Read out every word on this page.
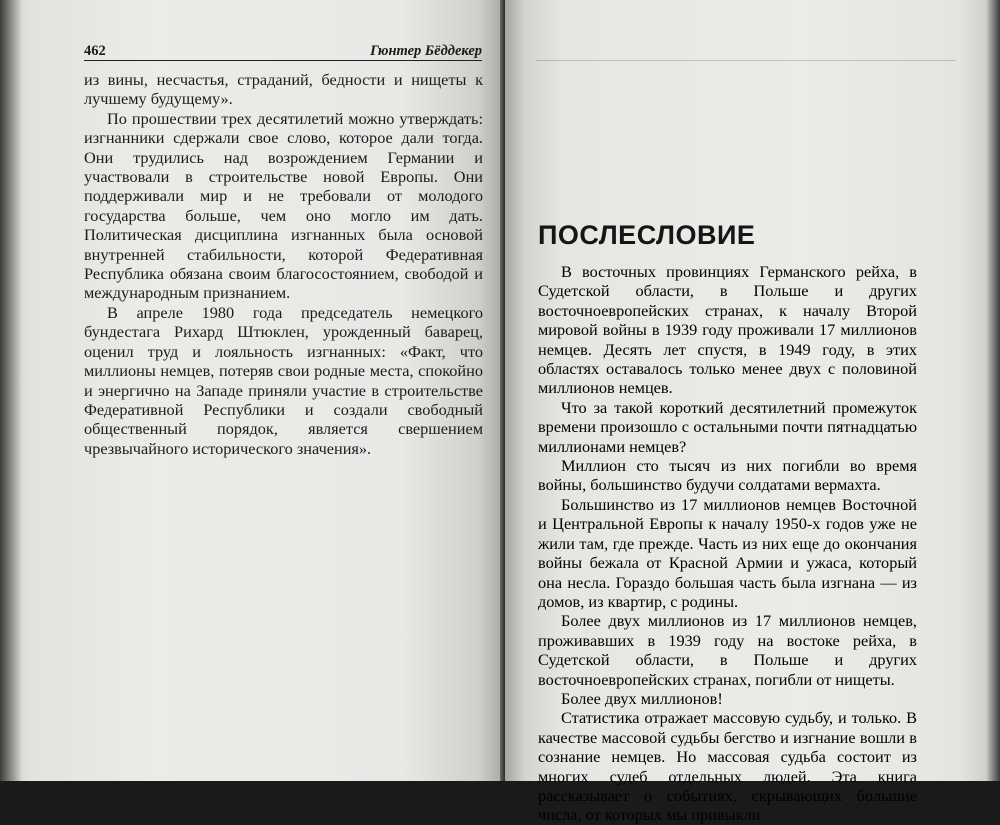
462	Гюнтер Бёддекер

из вины, несчастья, страданий, бедности и нищеты к лучшему будущему».

По прошествии трех десятилетий можно утверждать: изгнанники сдержали свое слово, которое дали тогда. Они трудились над возрождением Германии и участвовали в строительстве новой Европы. Они поддерживали мир и не требовали от молодого государства больше, чем оно могло им дать. Политическая дисциплина изгнанных была основой внутренней стабильности, которой Федеративная Республика обязана своим благосостоянием, свободой и международным признанием.

В апреле 1980 года председатель немецкого бундестага Рихард Штюклен, урожденный баварец, оценил труд и лояльность изгнанных: «Факт, что миллионы немцев, потеряв свои родные места, спокойно и энергично на Западе приняли участие в строительстве Федеративной Республики и создали свободный общественный порядок, является свершением чрезвычайного исторического значения».

ПОСЛЕСЛОВИЕ

В восточных провинциях Германского рейха, в Судетской области, в Польше и других восточноевропейских странах, к началу Второй мировой войны в 1939 году проживали 17 миллионов немцев. Десять лет спустя, в 1949 году, в этих областях оставалось только менее двух с половиной миллионов немцев.

Что за такой короткий десятилетний промежуток времени произошло с остальными почти пятнадцатью миллионами немцев?

Миллион сто тысяч из них погибли во время войны, большинство будучи солдатами вермахта.

Большинство из 17 миллионов немцев Восточной и Центральной Европы к началу 1950-х годов уже не жили там, где прежде. Часть из них еще до окончания войны бежала от Красной Армии и ужаса, который она несла. Гораздо большая часть была изгнана — из домов, из квартир, с родины.

Более двух миллионов из 17 миллионов немцев, проживавших в 1939 году на востоке рейха, в Судетской области, в Польше и других восточноевропейских странах, погибли от нищеты.

Более двух миллионов!

Статистика отражает массовую судьбу, и только. В качестве массовой судьбы бегство и изгнание вошли в сознание немцев. Но массовая судьба состоит из многих судеб отдельных людей. Эта книга рассказывает о событиях, скрывающих большие числа, от которых мы привыкли
